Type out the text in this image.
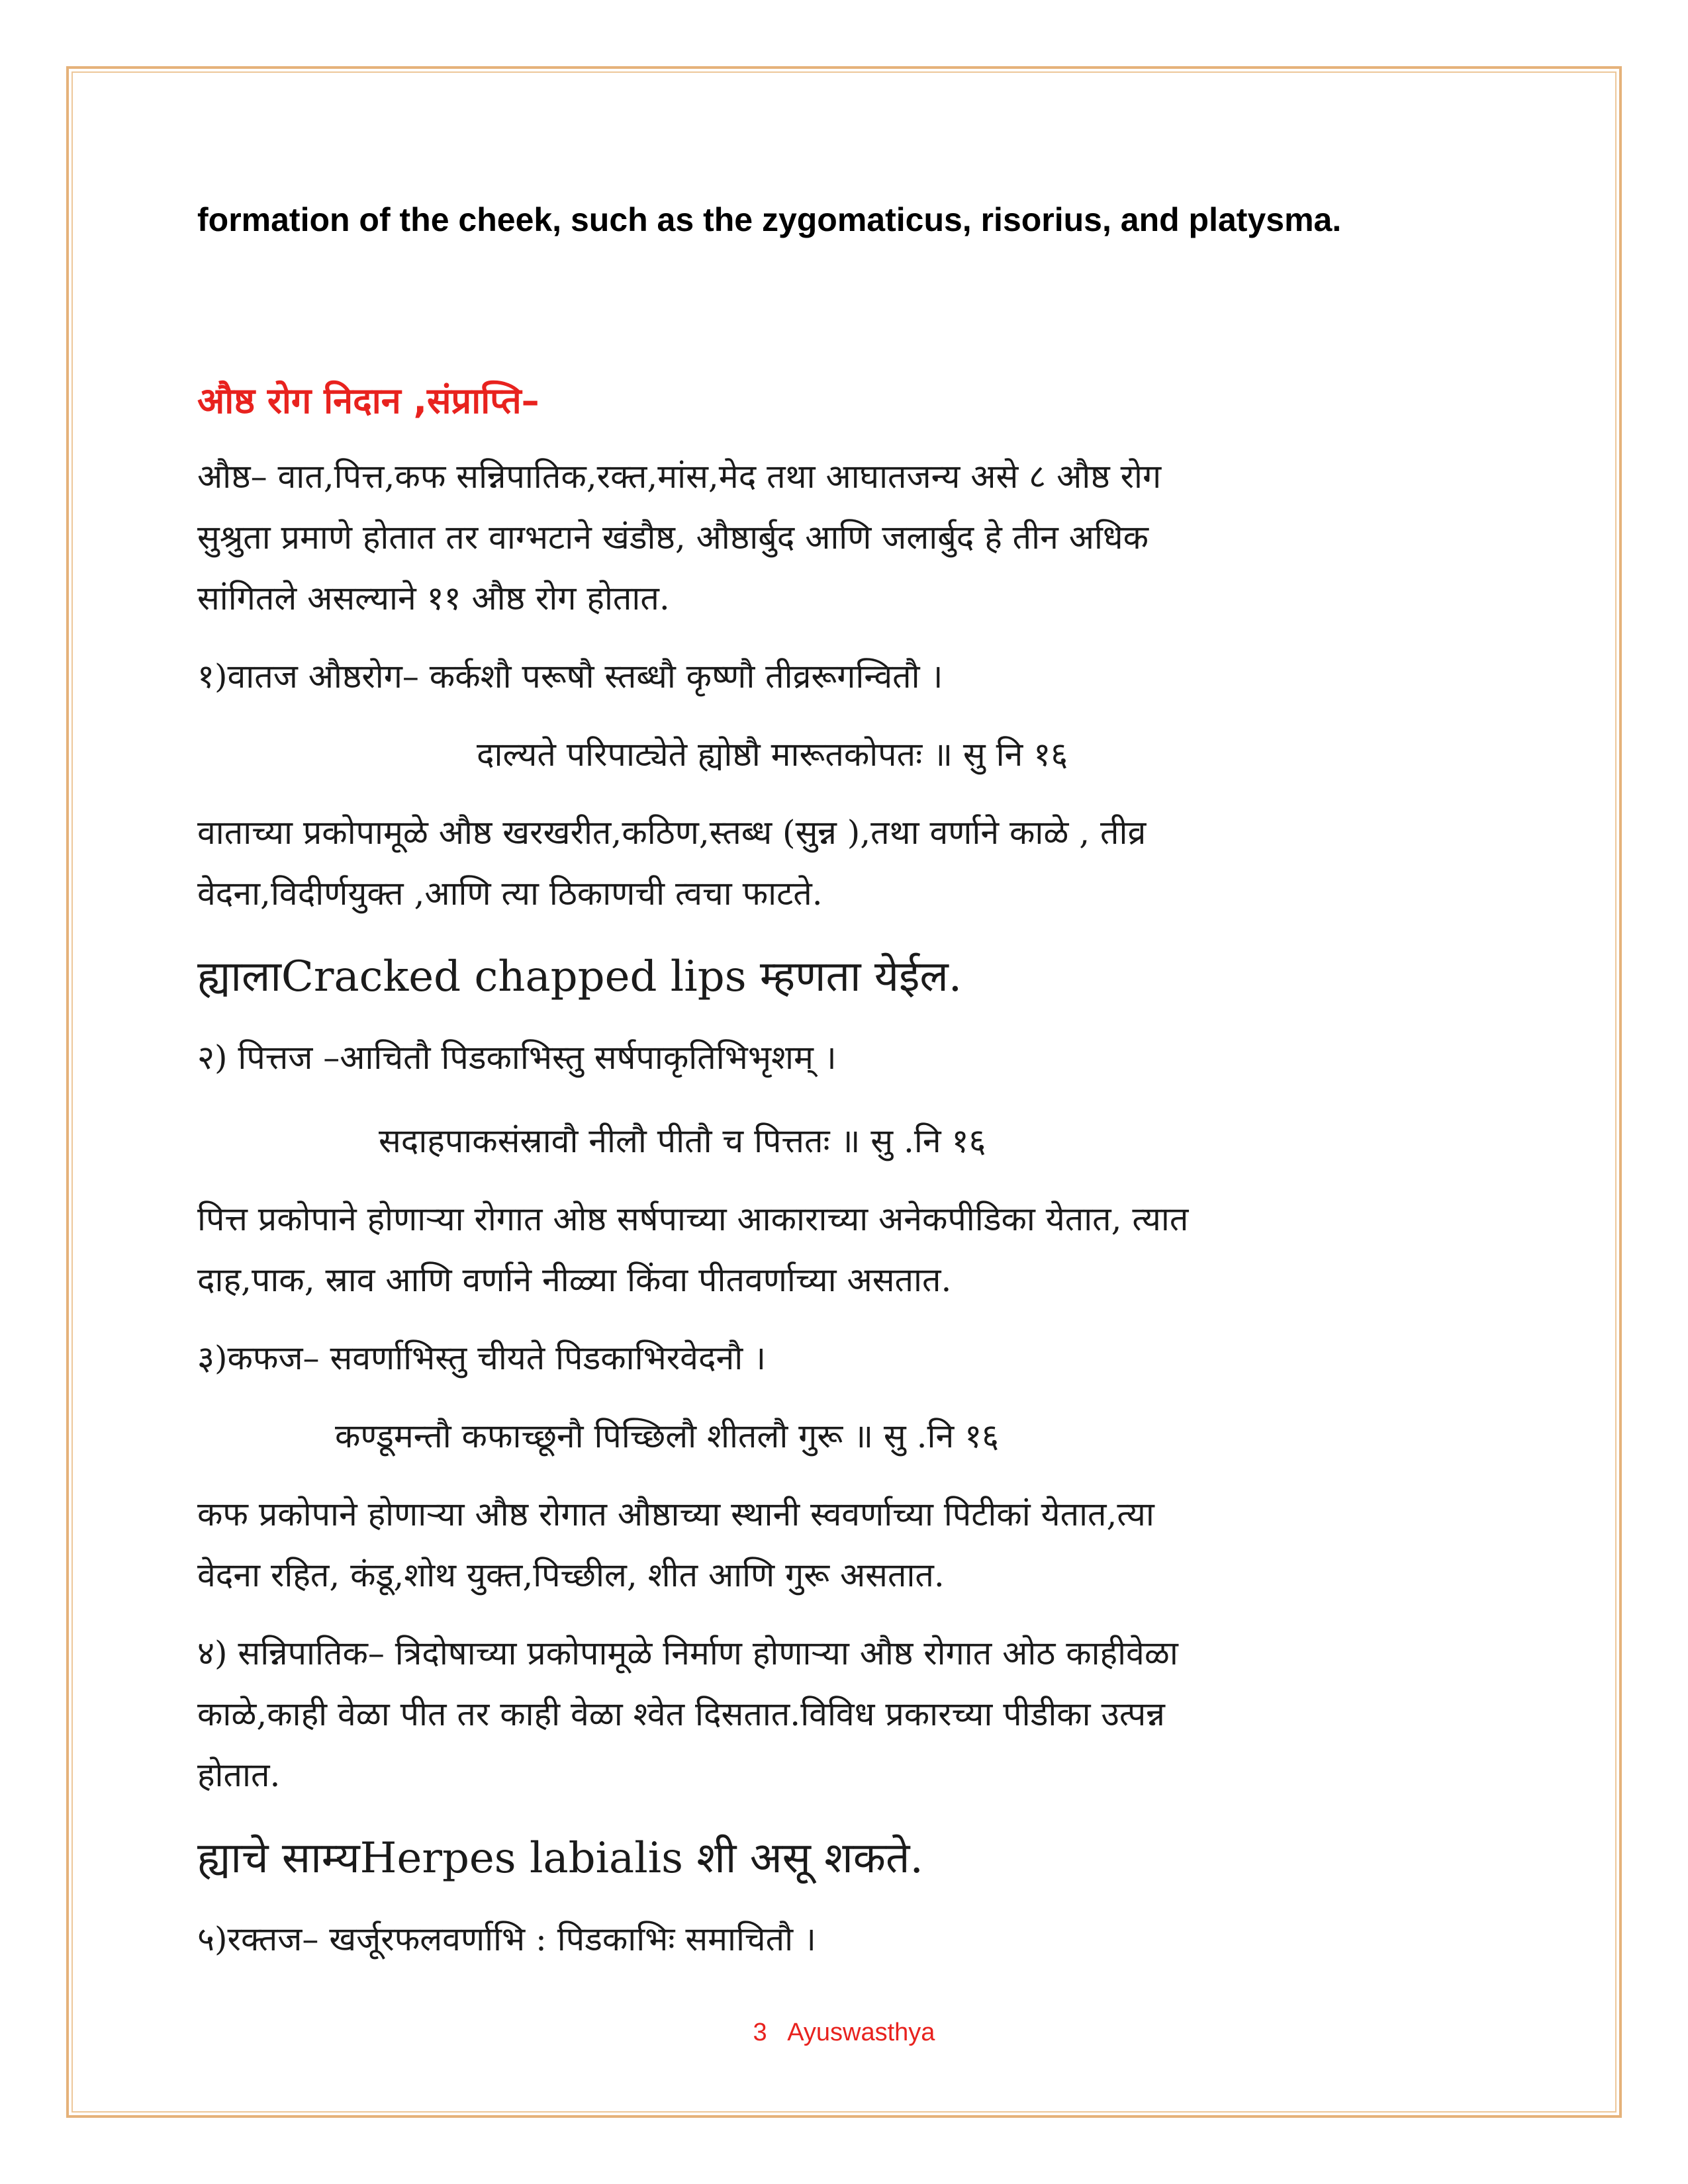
formation of the cheek, such as the zygomaticus, risorius, and platysma.
औष्ठ रोग निदान ,संप्राप्ति–
औष्ठ– वात,पित्त,कफ सन्निपातिक,रक्त,मांस,मेद तथा आघातजन्य असे ८ औष्ठ रोग
सुश्रुता प्रमाणे होतात तर वाग्भटाने खंडौष्ठ, औष्ठार्बुद आणि जलार्बुद हे तीन अधिक
सांगितले असल्याने ११ औष्ठ रोग होतात.
१)वातज औष्ठरोग– कर्कशौ परूषौ स्तब्धौ कृष्णौ तीव्ररूगन्वितौ ।
दाल्यते परिपाट्येते ह्योष्ठौ मारूतकोपतः ॥ सु नि १६
वाताच्या प्रकोपामूळे औष्ठ खरखरीत,कठिण,स्तब्ध (सुन्न ),तथा वर्णाने काळे , तीव्र
वेदना,विदीर्णयुक्त ,आणि त्या ठिकाणची त्वचा फाटते.
ह्यालाCracked chapped lips म्हणता येईल.
२) पित्तज –आचितौ पिडकाभिस्तु सर्षपाकृतिभिभृशम् ।
सदाहपाकसंस्रावौ नीलौ पीतौ च पित्ततः ॥ सु .नि १६
पित्त प्रकोपाने होणाऱ्या रोगात ओष्ठ सर्षपाच्या आकाराच्या अनेकपीडिका येतात, त्यात
दाह,पाक, स्राव आणि वर्णाने नीळ्या किंवा पीतवर्णाच्या असतात.
३)कफज– सवर्णाभिस्तु चीयते पिडकाभिरवेदनौ ।
कण्डूमन्तौ कफाच्छूनौ पिच्छिलौ शीतलौ गुरू ॥ सु .नि १६
कफ प्रकोपाने होणाऱ्या औष्ठ रोगात औष्ठाच्या स्थानी स्ववर्णाच्या पिटीकां येतात,त्या
वेदना रहित, कंडू,शोथ युक्त,पिच्छील, शीत आणि गुरू असतात.
४) सन्निपातिक– त्रिदोषाच्या प्रकोपामूळे निर्माण होणाऱ्या औष्ठ रोगात ओठ काहीवेळा
काळे,काही वेळा पीत तर काही वेळा श्वेत दिसतात.विविध प्रकारच्या पीडीका उत्पन्न
होतात.
ह्याचे साम्यHerpes labialis शी असू शकते.
५)रक्तज– खर्जूरफलवर्णाभि : पिडकाभिः समाचितौ ।
3 Ayuswasthya
